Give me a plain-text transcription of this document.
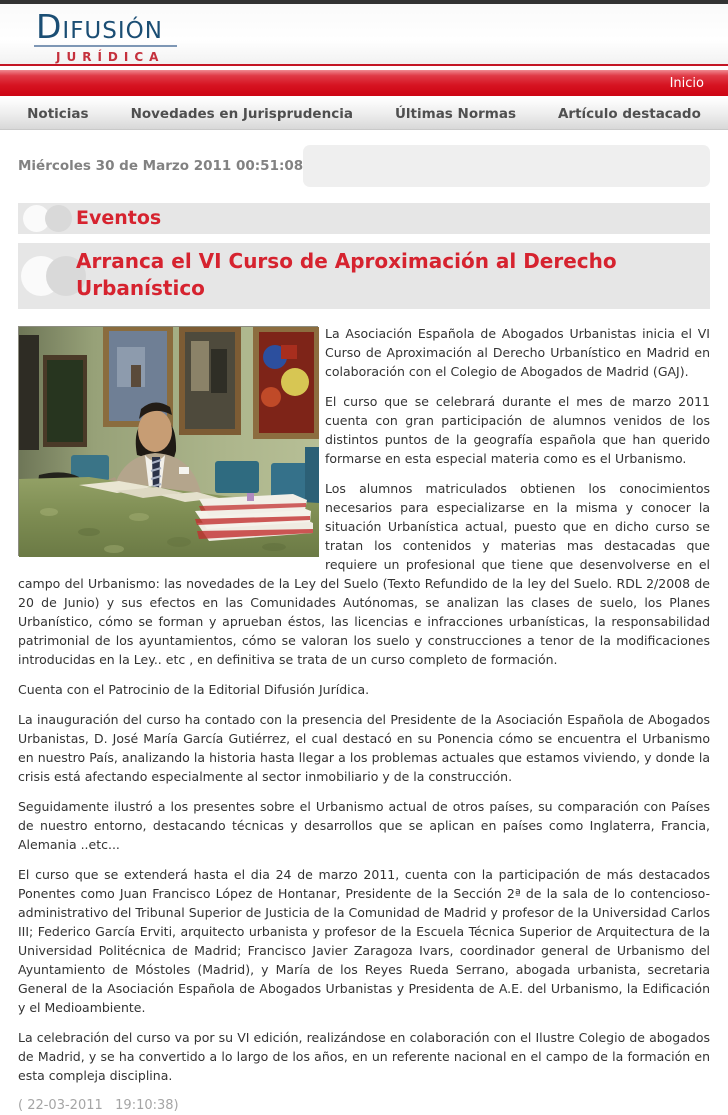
Difusión
JURÍDICA
Inicio
Noticias	Novedades en Jurisprudencia	Últimas Normas	Artículo destacado
Miércoles 30 de Marzo 2011 00:51:08
Eventos
Arranca el VI Curso de Aproximación al Derecho Urbanístico

La Asociación Española de Abogados Urbanistas inicia el VI Curso de Aproximación al Derecho Urbanístico en Madrid en colaboración con el Colegio de Abogados de Madrid (GAJ).

El curso que se celebrará durante el mes de marzo 2011 cuenta con gran participación de alumnos venidos de los distintos puntos de la geografía española que han querido formarse en esta especial materia como es el Urbanismo.

Los alumnos matriculados obtienen los conocimientos necesarios para especializarse en la misma y conocer la situación Urbanística actual, puesto que en dicho curso se tratan los contenidos y materias mas destacadas que requiere un profesional que tiene que desenvolverse en el campo del Urbanismo: las novedades de la Ley del Suelo (Texto Refundido de la ley del Suelo. RDL 2/2008 de 20 de Junio) y sus efectos en las Comunidades Autónomas, se analizan las clases de suelo, los Planes Urbanístico, cómo se forman y aprueban éstos, las licencias e infracciones urbanísticas, la responsabilidad patrimonial de los ayuntamientos, cómo se valoran los suelo y construcciones a tenor de la modificaciones introducidas en la Ley.. etc , en definitiva se trata de un curso completo de formación.

Cuenta con el Patrocinio de la Editorial Difusión Jurídica.

La inauguración del curso ha contado con la presencia del Presidente de la Asociación Española de Abogados Urbanistas, D. José María García Gutiérrez, el cual destacó en su Ponencia cómo se encuentra el Urbanismo en nuestro País, analizando la historia hasta llegar a los problemas actuales que estamos viviendo, y donde la crisis está afectando especialmente al sector inmobiliario y de la construcción.

Seguidamente ilustró a los presentes sobre el Urbanismo actual de otros países, su comparación con Países de nuestro entorno, destacando técnicas y desarrollos que se aplican en países como Inglaterra, Francia, Alemania ..etc...

El curso que se extenderá hasta el dia 24 de marzo 2011, cuenta con la participación de más destacados Ponentes como Juan Francisco López de Hontanar, Presidente de la Sección 2ª de la sala de lo contencioso-administrativo del Tribunal Superior de Justicia de la Comunidad de Madrid y profesor de la Universidad Carlos III; Federico García Erviti, arquitecto urbanista y profesor de la Escuela Técnica Superior de Arquitectura de la Universidad Politécnica de Madrid; Francisco Javier Zaragoza Ivars, coordinador general de Urbanismo del Ayuntamiento de Móstoles (Madrid), y María de los Reyes Rueda Serrano, abogada urbanista, secretaria General de la Asociación Española de Abogados Urbanistas y Presidenta de A.E. del Urbanismo, la Edificación y el Medioambiente.

La celebración del curso va por su VI edición, realizándose en colaboración con el Ilustre Colegio de abogados de Madrid, y se ha convertido a lo largo de los años, en un referente nacional en el campo de la formación en esta compleja disciplina.

( 22-03-2011   19:10:38)
